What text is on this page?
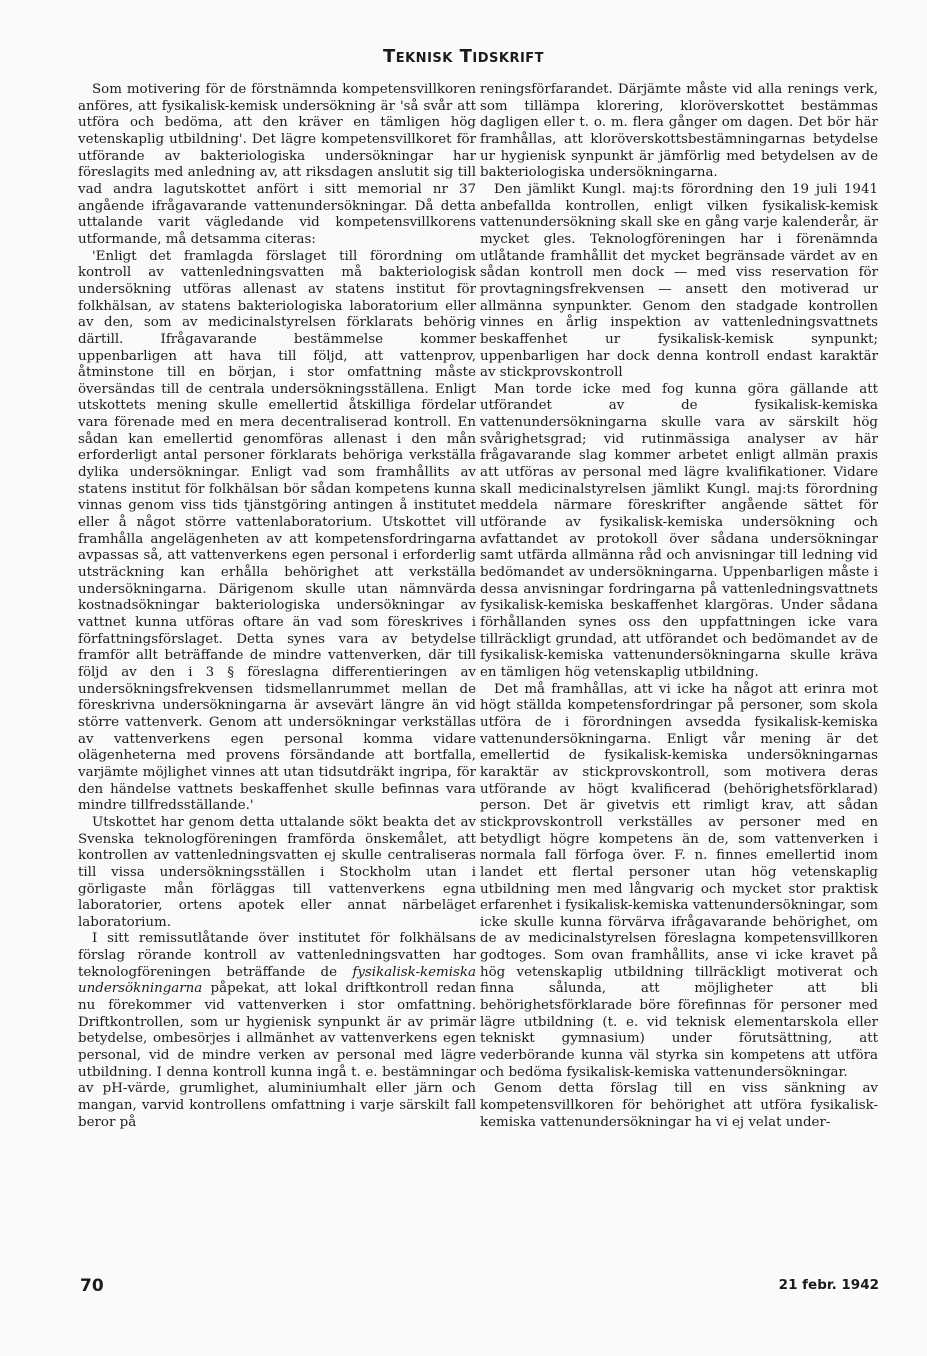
Teknisk Tidskrift

Som motivering för de förstnämnda kompetensvillkoren anföres, att fysikalisk-kemisk undersökning är 'så svår att utföra och bedöma, att den kräver en tämligen hög vetenskaplig utbildning'. Det lägre kompetensvillkoret för utförande av bakteriologiska undersökningar har föreslagits med anledning av, att riksdagen anslutit sig till vad andra lagutskottet anfört i sitt memorial nr 37 angående ifrågavarande vattenundersökningar. Då detta uttalande varit vägledande vid kompetensvillkorens utformande, må detsamma citeras:

'Enligt det framlagda förslaget till förordning om kontroll av vattenledningsvatten må bakteriologisk undersökning utföras allenast av statens institut för folkhälsan, av statens bakteriologiska laboratorium eller av den, som av medicinalstyrelsen förklarats behörig därtill. Ifrågavarande bestämmelse kommer uppenbarligen att hava till följd, att vattenprov, åtminstone till en början, i stor omfattning måste översändas till de centrala undersökningsställena. Enligt utskottets mening skulle emellertid åtskilliga fördelar vara förenade med en mera decentraliserad kontroll. En sådan kan emellertid genomföras allenast i den mån erforderligt antal personer förklarats behöriga verkställa dylika undersökningar. Enligt vad som framhållits av statens institut för folkhälsan bör sådan kompetens kunna vinnas genom viss tids tjänstgöring antingen å institutet eller å något större vattenlaboratorium. Utskottet vill framhålla angelägenheten av att kompetensfordringarna avpassas så, att vattenverkens egen personal i erforderlig utsträckning kan erhålla behörighet att verkställa undersökningarna. Därigenom skulle utan nämnvärda kostnadsökningar bakteriologiska undersökningar av vattnet kunna utföras oftare än vad som föreskrives i författningsförslaget. Detta synes vara av betydelse framför allt beträffande de mindre vattenverken, där till följd av den i 3 § föreslagna differentieringen av undersökningsfrekvensen tidsmellanrummet mellan de föreskrivna undersökningarna är avsevärt längre än vid större vattenverk. Genom att undersökningar verkställas av vattenverkens egen personal komma vidare olägenheterna med provens försändande att bortfalla, varjämte möjlighet vinnes att utan tidsutdräkt ingripa, för den händelse vattnets beskaffenhet skulle befinnas vara mindre tillfredsställande.'

Utskottet har genom detta uttalande sökt beakta det av Svenska teknologföreningen framförda önskemålet, att kontrollen av vattenledningsvatten ej skulle centraliseras till vissa undersökningsställen i Stockholm utan i görligaste mån förläggas till vattenverkens egna laboratorier, ortens apotek eller annat närbeläget laboratorium.

I sitt remissutlåtande över institutet för folkhälsans förslag rörande kontroll av vattenledningsvatten har teknologföreningen beträffande de fysikalisk-kemiska undersökningarna påpekat, att lokal driftkontroll redan nu förekommer vid vattenverken i stor omfattning. Driftkontrollen, som ur hygienisk synpunkt är av primär betydelse, ombesörjes i allmänhet av vattenverkens egen personal, vid de mindre verken av personal med lägre utbildning. I denna kontroll kunna ingå t. e. bestämningar av pH-värde, grumlighet, aluminiumhalt eller järn och mangan, varvid kontrollens omfattning i varje särskilt fall beror på

reningsförfarandet. Därjämte måste vid alla renings verk, som tillämpa klorering, kloröverskottet bestämmas dagligen eller t. o. m. flera gånger om dagen. Det bör här framhållas, att kloröverskottsbestämningarnas betydelse ur hygienisk synpunkt är jämförlig med betydelsen av de bakteriologiska undersökningarna.

Den jämlikt Kungl. maj:ts förordning den 19 juli 1941 anbefallda kontrollen, enligt vilken fysikalisk-kemisk vattenundersökning skall ske en gång varje kalenderår, är mycket gles. Teknologföreningen har i förenämnda utlåtande framhållit det mycket begränsade värdet av en sådan kontroll men dock — med viss reservation för provtagningsfrekvensen — ansett den motiverad ur allmänna synpunkter. Genom den stadgade kontrollen vinnes en årlig inspektion av vattenledningsvattnets beskaffenhet ur fysikalisk-kemisk synpunkt; uppenbarligen har dock denna kontroll endast karaktär av stickprovskontroll

Man torde icke med fog kunna göra gällande att utförandet av de fysikalisk-kemiska vattenundersökningarna skulle vara av särskilt hög svårighetsgrad; vid rutinmässiga analyser av här frågavarande slag kommer arbetet enligt allmän praxis att utföras av personal med lägre kvalifikationer. Vidare skall medicinalstyrelsen jämlikt Kungl. maj:ts förordning meddela närmare föreskrifter angående sättet för utförande av fysikalisk-kemiska undersökning och avfattandet av protokoll över sådana undersökningar samt utfärda allmänna råd och anvisningar till ledning vid bedömandet av undersökningarna. Uppenbarligen måste i dessa anvisningar fordringarna på vattenledningsvattnets fysikalisk-kemiska beskaffenhet klargöras. Under sådana förhållanden synes oss den uppfattningen icke vara tillräckligt grundad, att utförandet och bedömandet av de fysikalisk-kemiska vattenundersökningarna skulle kräva en tämligen hög vetenskaplig utbildning.

Det må framhållas, att vi icke ha något att erinra mot högt ställda kompetensfordringar på personer, som skola utföra de i förordningen avsedda fysikalisk-kemiska vattenundersökningarna. Enligt vår mening är det emellertid de fysikalisk-kemiska undersökningarnas karaktär av stickprovskontroll, som motivera deras utförande av högt kvalificerad (behörighetsförklarad) person. Det är givetvis ett rimligt krav, att sådan stickprovskontroll verkställes av personer med en betydligt högre kompetens än de, som vattenverken i normala fall förfoga över. F. n. finnes emellertid inom landet ett flertal personer utan hög vetenskaplig utbildning men med långvarig och mycket stor praktisk erfarenhet i fysikalisk-kemiska vattenundersökningar, som icke skulle kunna förvärva ifrågavarande behörighet, om de av medicinalstyrelsen föreslagna kompetensvillkoren godtoges. Som ovan framhållits, anse vi icke kravet på hög vetenskaplig utbildning tillräckligt motiverat och finna sålunda, att möjligheter att bli behörighetsförklarade böre förefinnas för personer med lägre utbildning (t. e. vid teknisk elementarskola eller tekniskt gymnasium) under förutsättning, att vederbörande kunna väl styrka sin kompetens att utföra och bedöma fysikalisk-kemiska vattenundersökningar.

Genom detta förslag till en viss sänkning av kompetensvillkoren för behörighet att utföra fysikalisk-kemiska vattenundersökningar ha vi ej velat under-

70	21 febr. 1942
